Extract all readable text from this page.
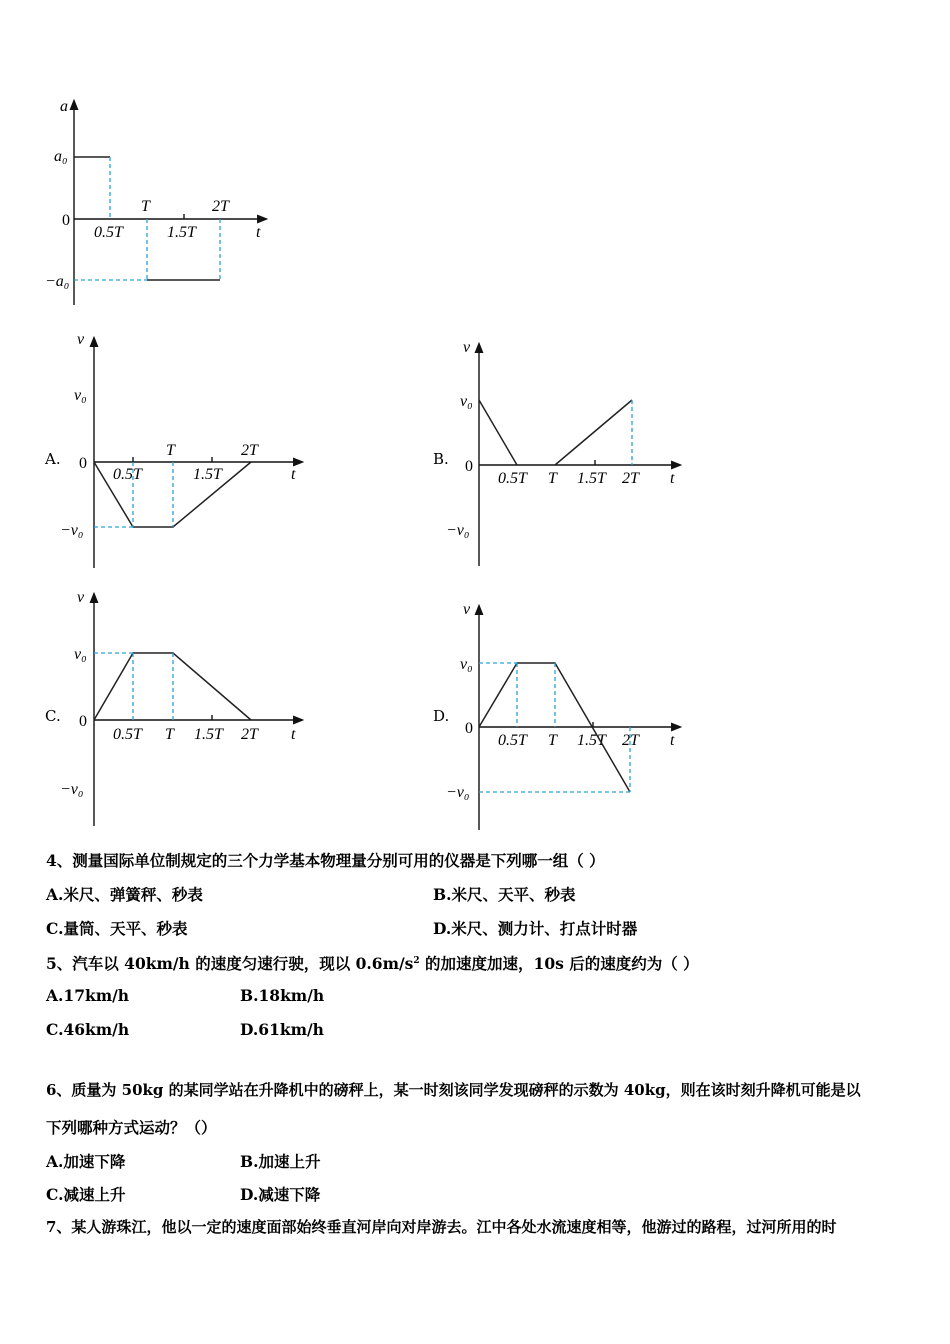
a
a₀
0
−a₀
T	2T
0.5T	1.5T	t
A.
v
v₀
0
−v₀
T	2T
0.5T	1.5T	t
B.
v
v₀
0
−v₀
0.5T T 1.5T 2T t
C.
v
v₀
0
−v₀
0.5T T 1.5T 2T t
D.
v
v₀
0
−v₀
0.5T T 1.5T 2T t
4、测量国际单位制规定的三个力学基本物理量分别可用的仪器是下列哪一组（ ）
A.米尺、弹簧秤、秒表	B.米尺、天平、秒表
C.量筒、天平、秒表	D.米尺、测力计、打点计时器
5、汽车以 40km/h 的速度匀速行驶，现以 $0.6m/s^2$ 的加速度加速，10s 后的速度约为（ ）
A.17km/h	B.18km/h
C.46km/h	D.61km/h
6、质量为 50kg 的某同学站在升降机中的磅秤上，某一时刻该同学发现磅秤的示数为 40kg，则在该时刻升降机可能是以
下列哪种方式运动？（）
A.加速下降	B.加速上升
C.减速上升	D.减速下降
7、某人游珠江，他以一定的速度面部始终垂直河岸向对岸游去。江中各处水流速度相等，他游过的路程，过河所用的时
